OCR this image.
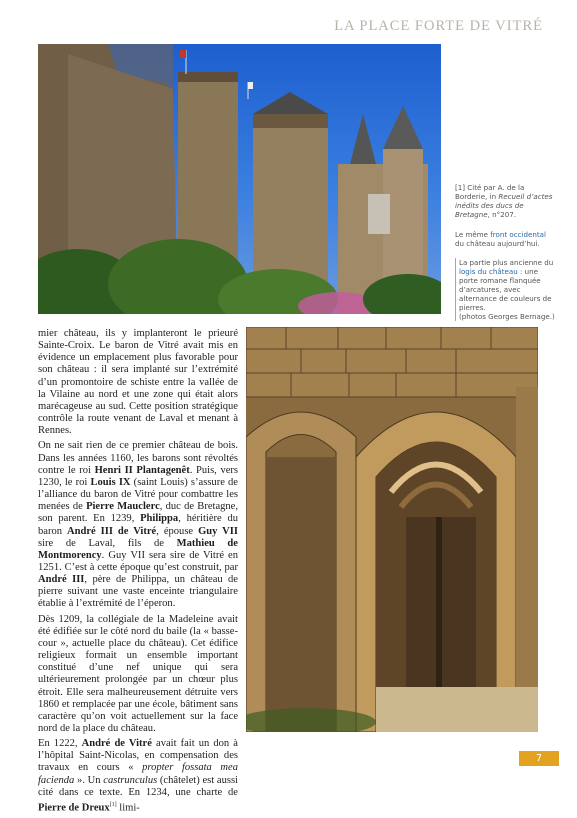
LA PLACE FORTE DE VITRÉ
[1] Cité par A. de la Borderie, in Recueil d’actes inédits des ducs de Bretagne, n°207.
Le même front occidental du château aujourd’hui.
La partie plus ancienne du logis du château : une porte romane flanquée d’arcatures, avec alternance de couleurs de pierres.
(photos Georges Bernage.)

mier château, ils y implanteront le prieuré Sainte-Croix. Le baron de Vitré avait mis en évidence un emplacement plus favorable pour son château : il sera implanté sur l’extrémité d’un promontoire de schiste entre la vallée de la Vilaine au nord et une zone qui était alors marécageuse au sud. Cette position stratégique contrôle la route venant de Laval et menant à Rennes.

On ne sait rien de ce premier château de bois. Dans les années 1160, les barons sont révoltés contre le roi Henri II Plantagenêt. Puis, vers 1230, le roi Louis IX (saint Louis) s’assure de l’alliance du baron de Vitré pour combattre les menées de Pierre Mauclerc, duc de Bretagne, son parent. En 1239, Philippa, héritière du baron André III de Vitré, épouse Guy VII sire de Laval, fils de Mathieu de Montmorency. Guy VII sera sire de Vitré en 1251. C’est à cette époque qu’est construit, par André III, père de Philippa, un château de pierre suivant une vaste enceinte triangulaire établie à l’extrémité de l’éperon.

Dès 1209, la collégiale de la Madeleine avait été édifiée sur le côté nord du baile (la « basse-cour », actuelle place du château). Cet édifice religieux formait un ensemble important constitué d’une nef unique qui sera ultérieurement prolongée par un chœur plus étroit. Elle sera malheureusement détruite vers 1860 et remplacée par une école, bâtiment sans caractère qu’on voit actuellement sur la face nord de la place du château.

En 1222, André de Vitré avait fait un don à l’hôpital Saint-Nicolas, en compensation des travaux en cours « propter fossata mea facienda ». Un castrunculus (châtelet) est aussi cité dans ce texte. En 1234, une charte de Pierre de Dreux[1] limi-

7
